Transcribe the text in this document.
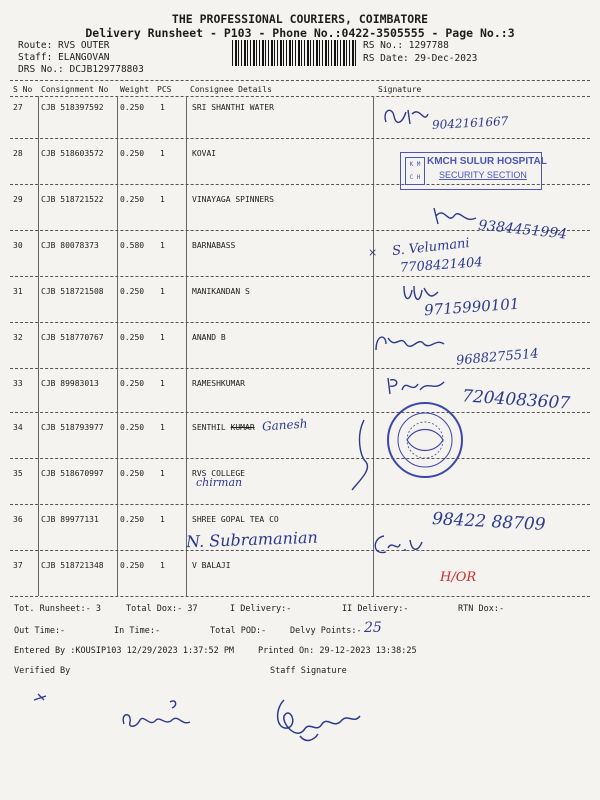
THE PROFESSIONAL COURIERS, COIMBATORE
Delivery Runsheet - P103 - Phone No.:0422-3505555 - Page No.:3
Route: RVS OUTER
Staff: ELANGOVAN
DRS No.: DCJB129778803
RS No.: 1297788
RS Date: 29-Dec-2023
S No Consignment No Weight PCS Consignee Details	Signature
27 CJB 518397592 0.250 1	SRI SHANTHI WATER
28 CJB 518603572 0.250 1	KOVAI
29 CJB 518721522 0.250 1	VINAYAGA SPINNERS
30 CJB 80078373	0.580 1	BARNABASS
31 CJB 518721508 0.250 1	MANIKANDAN S
32 CJB 518770767 0.250 1	ANAND B
33 CJB 89983013	0.250 1	RAMESHKUMAR
34 CJB 518793977 0.250 1	SENTHIL KUMAR
35 CJB 518670997 0.250 1	RVS COLLEGE
36 CJB 89977131	0.250 1	SHREE GOPAL TEA CO
37 CJB 518721348 0.250 1	V BALAJI
9042161667
K M
C H
KMCH SULUR HOSPITAL
SECURITY SECTION
9384451994
× S. Velumani
7708421404
9715990101
9688275514
7204083607
Ganesh
chirman
98422 88709
N. Subramanian
H/OR
Tot. Runsheet:- 3	Total Dox:- 37	I Delivery:-	II Delivery:-	RTN Dox:-
Out Time:-	In Time:-	Total POD:-	Delvy Points:- 25
Entered By :KOUSIP103 12/29/2023 1:37:52 PM	Printed On: 29-12-2023 13:38:25
Verified By	Staff Signature
